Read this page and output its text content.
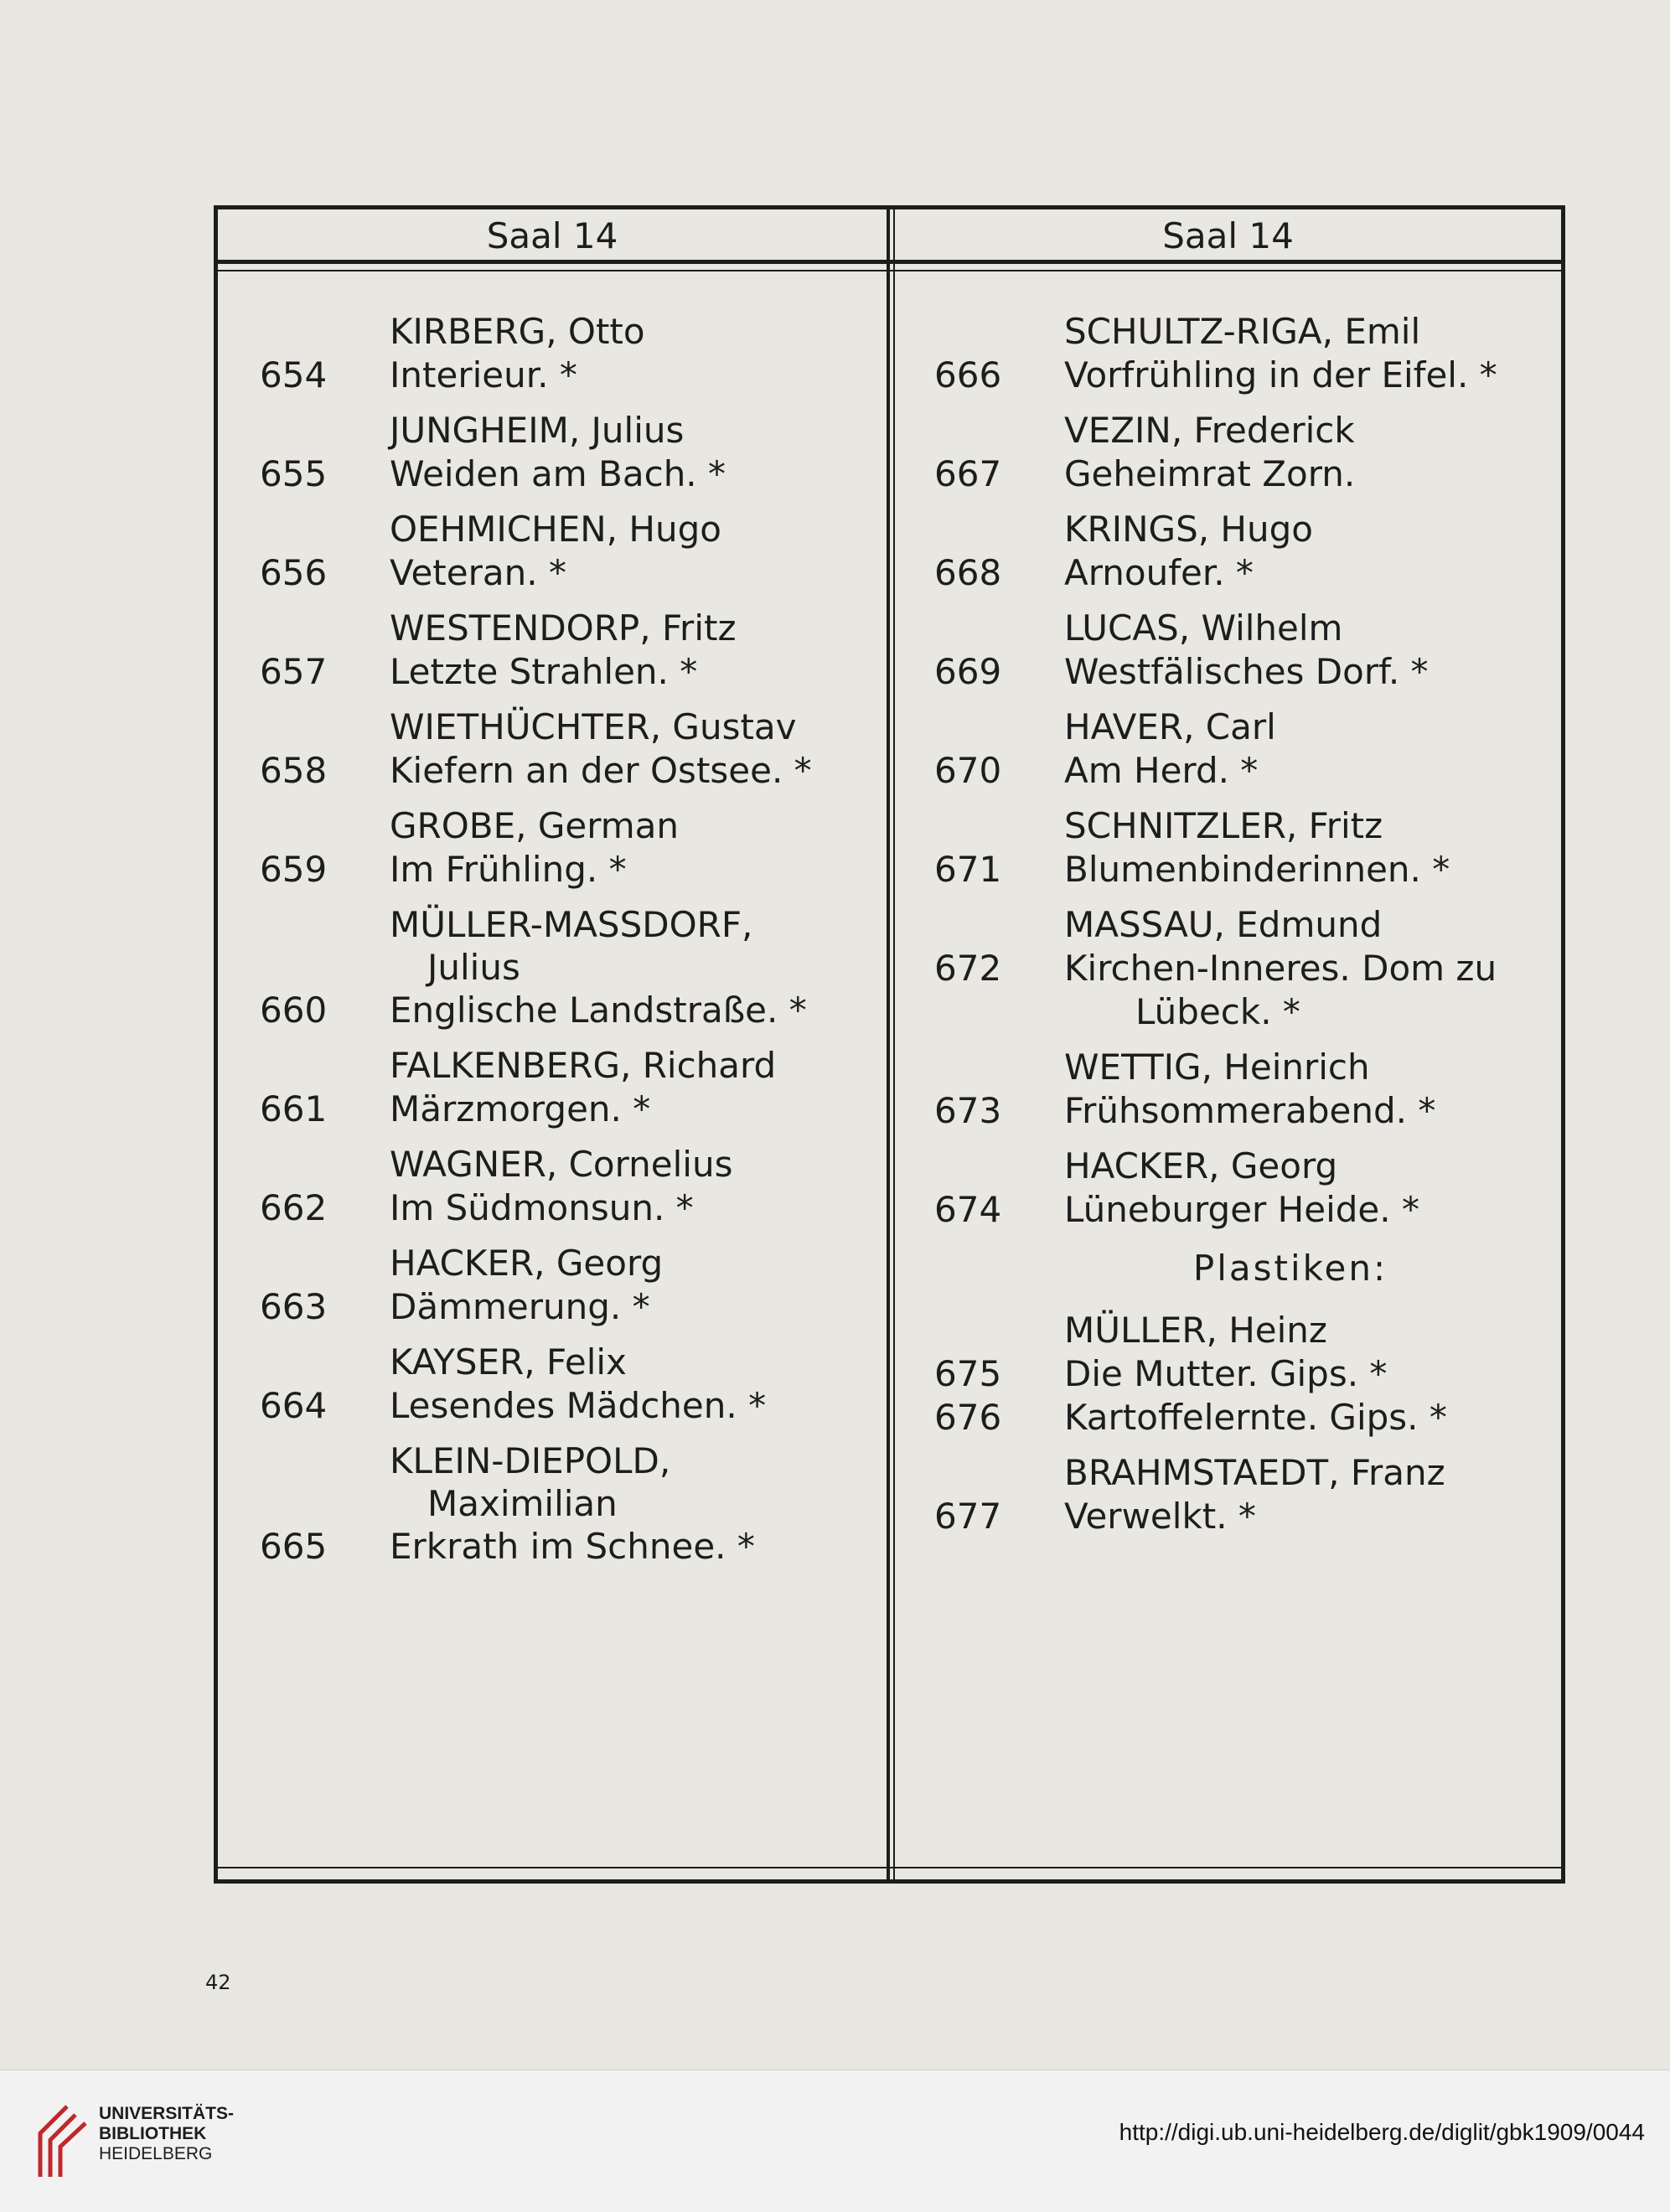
Saal 14	Saal 14
KIRBERG, Otto
654	Interieur. *
JUNGHEIM, Julius
655	Weiden am Bach. *
OEHMICHEN, Hugo
656	Veteran. *
WESTENDORP, Fritz
657	Letzte Strahlen. *
WIETHÜCHTER, Gustav
658	Kiefern an der Ostsee. *
GROBE, German
659	Im Frühling. *
MÜLLER-MASSDORF,
Julius
660	Englische Landstraße. *
FALKENBERG, Richard
661	Märzmorgen. *
WAGNER, Cornelius
662	Im Südmonsun. *
HACKER, Georg
663	Dämmerung. *
KAYSER, Felix
664	Lesendes Mädchen. *
KLEIN-DIEPOLD,
Maximilian
665	Erkrath im Schnee. *
SCHULTZ-RIGA, Emil
666	Vorfrühling in der Eifel. *
VEZIN, Frederick
667	Geheimrat Zorn.
KRINGS, Hugo
668	Arnoufer. *
LUCAS, Wilhelm
669	Westfälisches Dorf. *
HAVER, Carl
670	Am Herd. *
SCHNITZLER, Fritz
671	Blumenbinderinnen. *
MASSAU, Edmund
672	Kirchen-Inneres. Dom zu
Lübeck. *
WETTIG, Heinrich
673	Frühsommerabend. *
HACKER, Georg
674	Lüneburger Heide. *
Plastiken:
MÜLLER, Heinz
675	Die Mutter. Gips. *
676	Kartoffelernte. Gips. *
BRAHMSTAEDT, Franz
677	Verwelkt. *
42
UNIVERSITÄTS-
BIBLIOTHEK
HEIDELBERG
http://digi.ub.uni-heidelberg.de/diglit/gbk1909/0044
